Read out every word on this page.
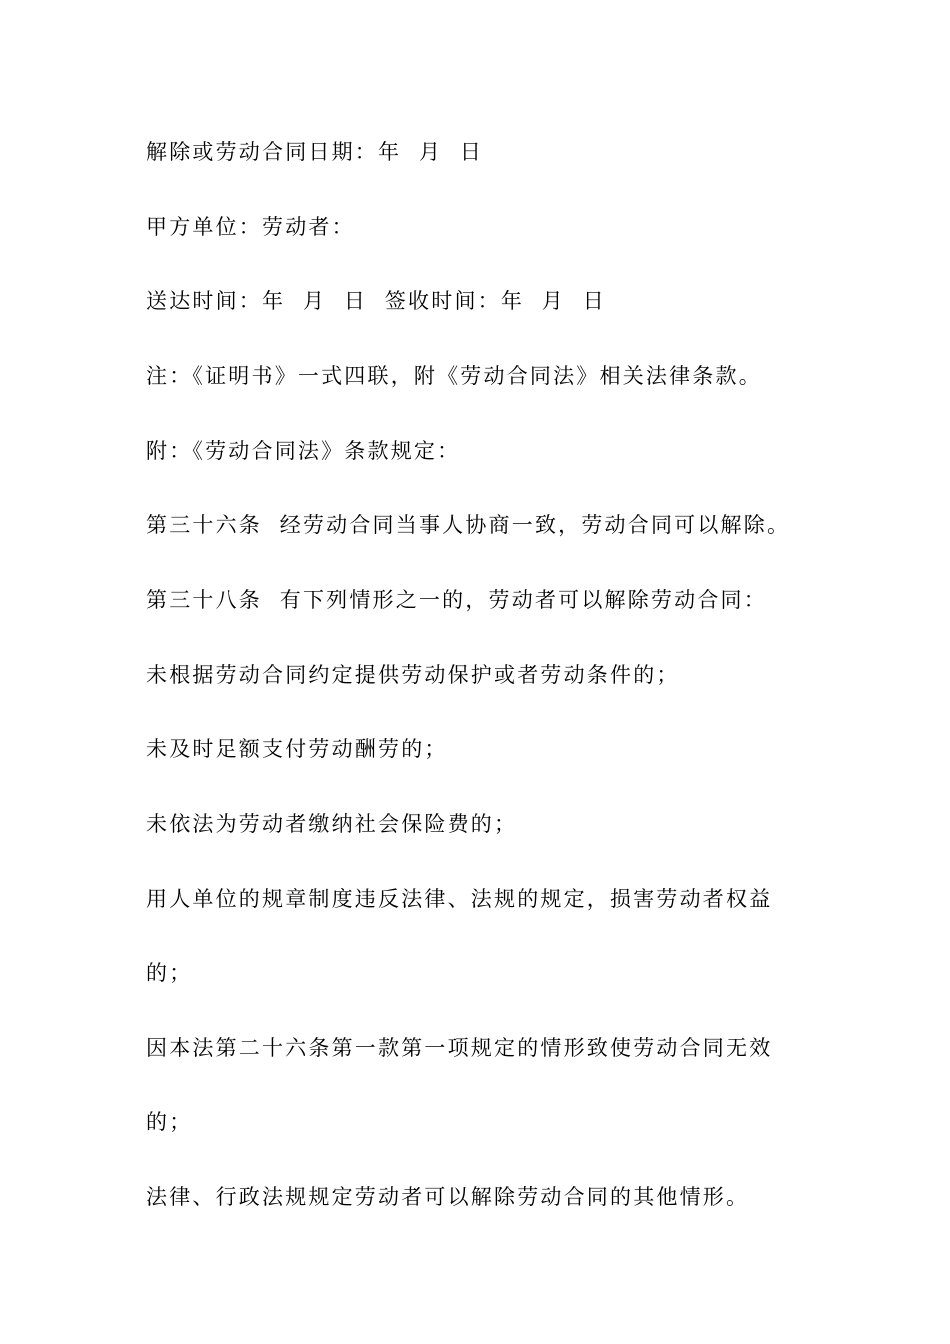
解除或劳动合同日期：年  月  日
甲方单位：劳动者：
送达时间：年  月  日  签收时间：年  月  日
注：《证明书》一式四联，附《劳动合同法》相关法律条款。
附：《劳动合同法》条款规定：
第三十六条  经劳动合同当事人协商一致，劳动合同可以解除。
第三十八条  有下列情形之一的，劳动者可以解除劳动合同：
未根据劳动合同约定提供劳动保护或者劳动条件的；
未及时足额支付劳动酬劳的；
未依法为劳动者缴纳社会保险费的；
用人单位的规章制度违反法律、法规的规定，损害劳动者权益
的；
因本法第二十六条第一款第一项规定的情形致使劳动合同无效
的；
法律、行政法规规定劳动者可以解除劳动合同的其他情形。
